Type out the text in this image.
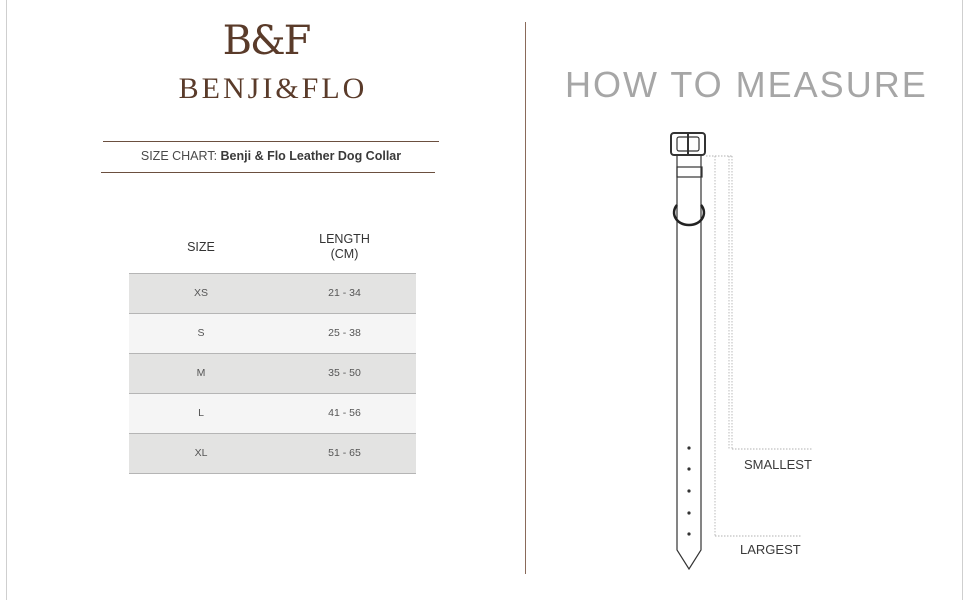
B&F
BENJI&FLO
SIZE CHART: Benji & Flo Leather Dog Collar
SIZE
LENGTH
(CM)
XS	21 - 34
S	25 - 38
M	35 - 50
L	41 - 56
XL	51 - 65
HOW TO MEASURE
SMALLEST
LARGEST
